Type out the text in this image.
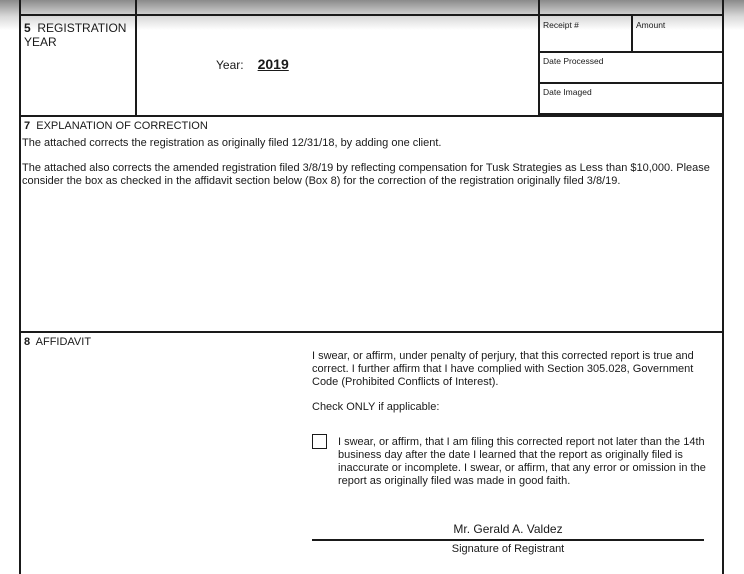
5 REGISTRATION YEAR
Year: 2019
Receipt #	Amount
Date Processed
Date Imaged
7 EXPLANATION OF CORRECTION
The attached corrects the registration as originally filed 12/31/18, by adding one client.
The attached also corrects the amended registration filed 3/8/19 by reflecting compensation for Tusk Strategies as Less than $10,000. Please consider the box as checked in the affidavit section below (Box 8) for the correction of the registration originally filed 3/8/19.
8 AFFIDAVIT
I swear, or affirm, under penalty of perjury, that this corrected report is true and correct. I further affirm that I have complied with Section 305.028, Government Code (Prohibited Conflicts of Interest).
Check ONLY if applicable:
I swear, or affirm, that I am filing this corrected report not later than the 14th business day after the date I learned that the report as originally filed is inaccurate or incomplete. I swear, or affirm, that any error or omission in the report as originally filed was made in good faith.
Mr. Gerald A. Valdez
Signature of Registrant
